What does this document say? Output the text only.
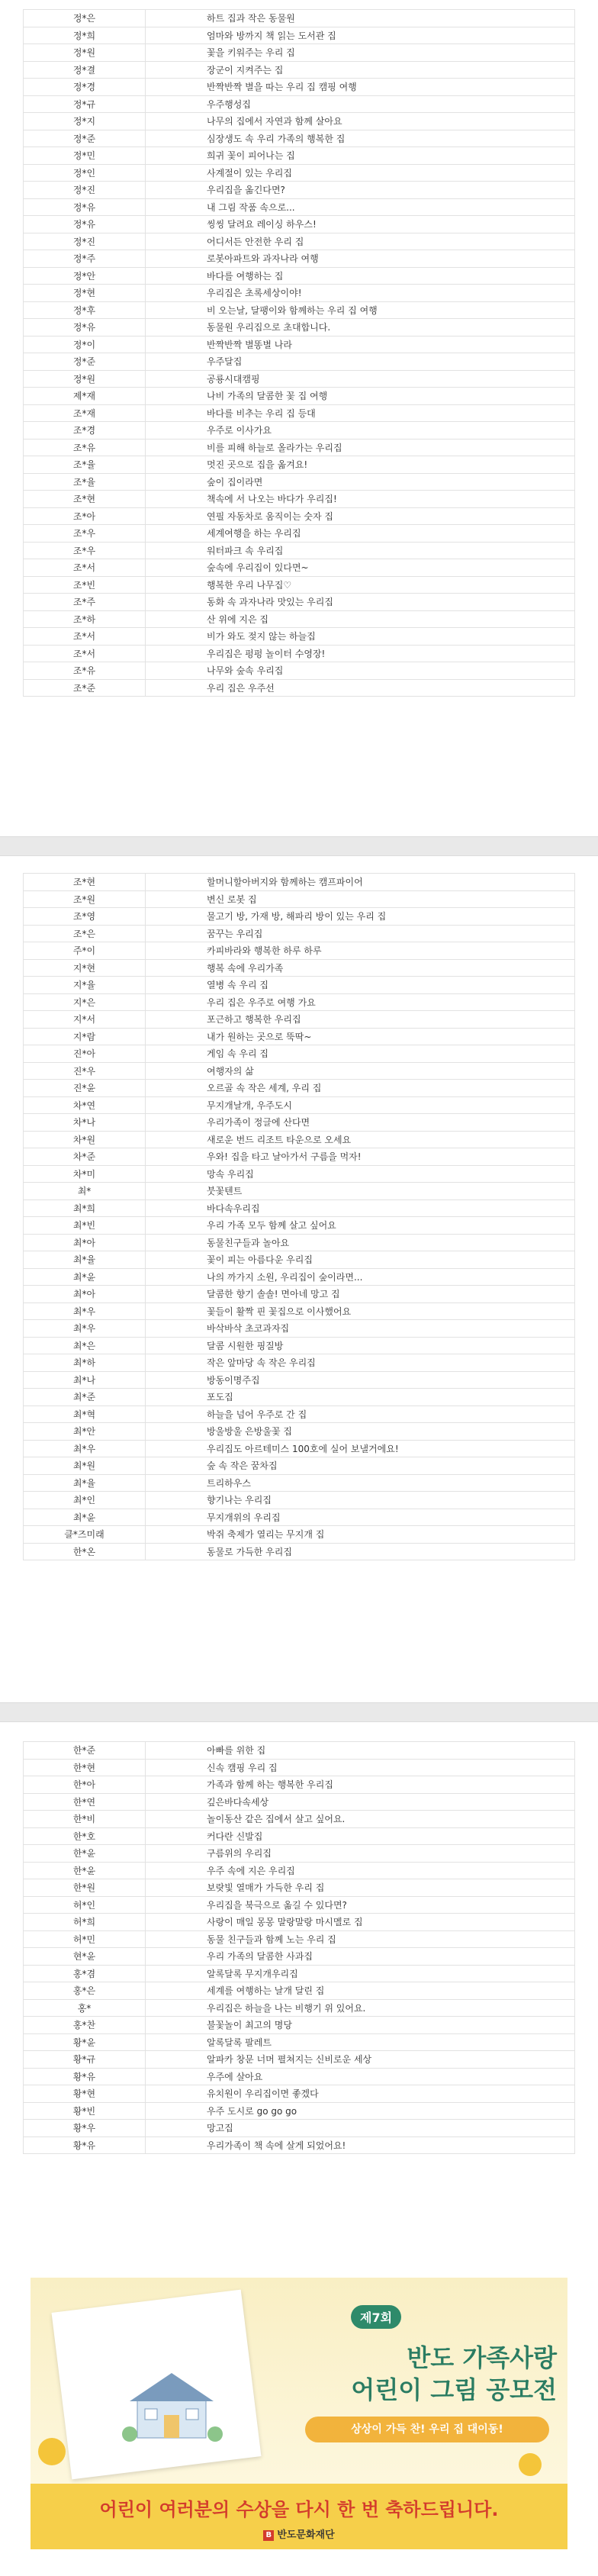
정*은	하트 집과 작은 동물원
정*희	엄마와 방까지 책 읽는 도서관 집
정*원	꽃을 키워주는 우리 집
정*결	장군이 지켜주는 집
정*경	반짝반짝 별을 따는 우리 집 캠핑 여행
정*규	우주행성집
정*지	나무의 집에서 자연과 함께 살아요
정*준	심장생도 속 우리 가족의 행복한 집
정*민	희귀 꽃이 피어나는 집
정*인	사계절이 있는 우리집
정*진	우리집을 옮긴다면?
정*유	내 그림 작품 속으로...
정*유	씽씽 달려요 레이싱 하우스!
정*진	어디서든 안전한 우리 집
정*주	로봇아파트와 과자나라 여행
정*안	바다를 여행하는 집
정*현	우리집은 초록세상이야!
정*후	비 오는날, 달팽이와 함께하는 우리 집 여행
정*유	동물원 우리집으로 초대합니다.
정*이	반짝반짝 별똥별 나라
정*준	우주달집
정*원	공룡시대캠핑
제*재	나비 가족의 달콤한 꽃 집 여행
조*재	바다를 비추는 우리 집 등대
조*경	우주로 이사가요
조*유	비를 피해 하늘로 올라가는 우리집
조*율	멋진 곳으로 집을 옮겨요!
조*율	숲이 집이라면
조*현	책속에 서 나오는 바다가 우리집!
조*아	연필 자동차로 움직이는 숫자 집
조*우	세계여행을 하는 우리집
조*우	워터파크 속 우리집
조*서	숲속에 우리집이 있다면~
조*빈	행복한 우리 나무집♡
조*주	동화 속 과자나라 맛있는 우리집
조*하	산 위에 지은 집
조*서	비가 와도 젖지 않는 하늘집
조*서	우리집은 펑펑 놀이터 수영장!
조*유	나무와 숲속 우리집
조*준	우리 집은 우주선
조*현	할머니할아버지와 함께하는 캠프파이어
조*원	변신 로봇 집
조*영	물고기 방, 가재 방, 해파리 방이 있는 우리 집
조*은	꿈꾸는 우리집
주*이	카피바라와 행복한 하루 하루
지*현	행복 속에 우리가족
지*율	열병 속 우리 집
지*은	우리 집은 우주로 여행 가요
지*서	포근하고 행복한 우리집
지*람	내가 원하는 곳으로 뚝딱~
진*아	게임 속 우리 집
진*우	여행자의 삶
진*윤	오르골 속 작은 세계, 우리 집
차*연	무지개날개, 우주도시
차*나	우리가족이 정글에 산다면
차*원	새로운 번드 리조트 타운으로 오세요
차*준	우와! 집을 타고 날아가서 구름을 먹자!
차*미	망속 우리집
최*	붓꽃텐트
최*희	바다속우리집
최*빈	우리 가족 모두 함께 살고 싶어요
최*아	동물친구들과 놀아요
최*율	꽃이 피는 아름다운 우리집
최*윤	나의 까가지 소원, 우리집이 숲이라면...
최*아	달콤한 향기 솔솔! 면아네 망고 집
최*우	꽃들이 활짝 핀 꽃집으로 이사했어요
최*우	바삭바삭 초코과자집
최*은	달콤 시원한 핑질방
최*하	작은 앞마당 속 작은 우리집
최*나	방동이명주집
최*준	포도집
최*혁	하늘을 넘어 우주로 간 집
최*안	방울방울 은방울꽃 집
최*우	우리집도 아르테미스 100호에 실어 보낼거에요!
최*원	숲 속 작은 꿈차집
최*율	트리하우스
최*인	향기나는 우리집
최*윤	무지개위의 우리집
클*즈미래	박쥐 축제가 열리는 무지개 집
한*온	동물로 가득한 우리집
한*준	아빠를 위한 집
한*현	신속 캠핑 우리 집
한*아	가족과 함께 하는 행복한 우리집
한*연	깊은바다속세상
한*비	놀이동산 같은 집에서 살고 싶어요.
한*호	커다란 신발집
한*윤	구름위의 우리집
한*윤	우주 속에 지은 우리집
한*원	보랏빛 열매가 가득한 우리 집
허*인	우리집을 북극으로 옮길 수 있다면?
허*희	사랑이 매일 몽몽 말랑말랑 마시멜로 집
허*민	동물 친구들과 함께 노는 우리 집
현*윤	우리 가족의 달콤한 사과집
홍*겸	알록달록 무지개우리집
홍*은	세계를 여행하는 날개 달린 집
홍*	우리집은 하늘을 나는 비행기 위 있어요.
홍*찬	불꽃놀이 최고의 명당
황*윤	알록달록 팔레트
황*규	알파카 창문 너머 펼쳐지는 신비로운 세상
황*유	우주에 살아요
황*현	유치원이 우리집이면 좋겠다
황*빈	우주 도시로 go go go
황*우	망고집
황*유	우리가족이 책 속에 살게 되었어요!
제7회
반도 가족사랑
어린이 그림 공모전
상상이 가득 찬! 우리 집 대이동!
어린이 여러분의 수상을 다시 한 번 축하드립니다.
B 반도문화재단
